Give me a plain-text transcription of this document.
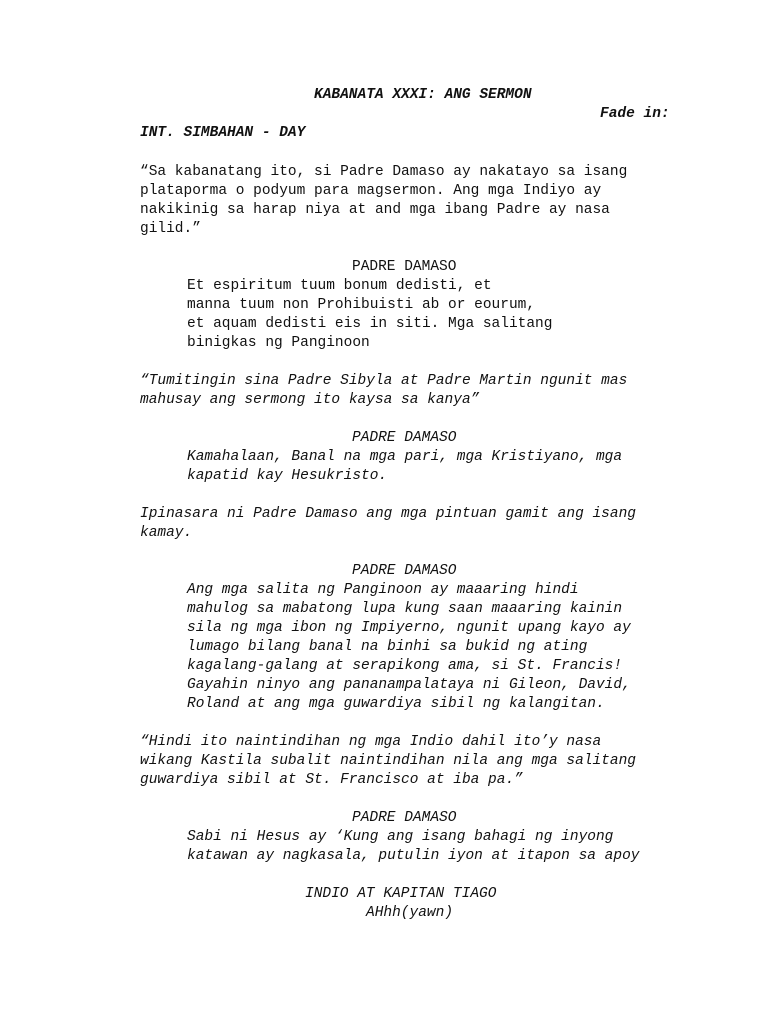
KABANATA XXXI: ANG SERMON
Fade in:
INT. SIMBAHAN - DAY
“Sa kabanatang ito, si Padre Damaso ay nakatayo sa isang
plataporma o podyum para magsermon. Ang mga Indiyo ay
nakikinig sa harap niya at and mga ibang Padre ay nasa
gilid.”
PADRE DAMASO
Et espiritum tuum bonum dedisti, et
manna tuum non Prohibuisti ab or eourum,
et aquam dedisti eis in siti. Mga salitang
binigkas ng Panginoon
“Tumitingin sina Padre Sibyla at Padre Martin ngunit mas
mahusay ang sermong ito kaysa sa kanya”
PADRE DAMASO
Kamahalaan, Banal na mga pari, mga Kristiyano, mga
kapatid kay Hesukristo.
Ipinasara ni Padre Damaso ang mga pintuan gamit ang isang
kamay.
PADRE DAMASO
Ang mga salita ng Panginoon ay maaaring hindi
mahulog sa mabatong lupa kung saan maaaring kainin
sila ng mga ibon ng Impiyerno, ngunit upang kayo ay
lumago bilang banal na binhi sa bukid ng ating
kagalang-galang at serapikong ama, si St. Francis!
Gayahin ninyo ang pananampalataya ni Gileon, David,
Roland at ang mga guwardiya sibil ng kalangitan.
“Hindi ito naintindihan ng mga Indio dahil ito’y nasa
wikang Kastila subalit naintindihan nila ang mga salitang
guwardiya sibil at St. Francisco at iba pa.”
PADRE DAMASO
Sabi ni Hesus ay ‘Kung ang isang bahagi ng inyong
katawan ay nagkasala, putulin iyon at itapon sa apoy
INDIO AT KAPITAN TIAGO
AHhh(yawn)
